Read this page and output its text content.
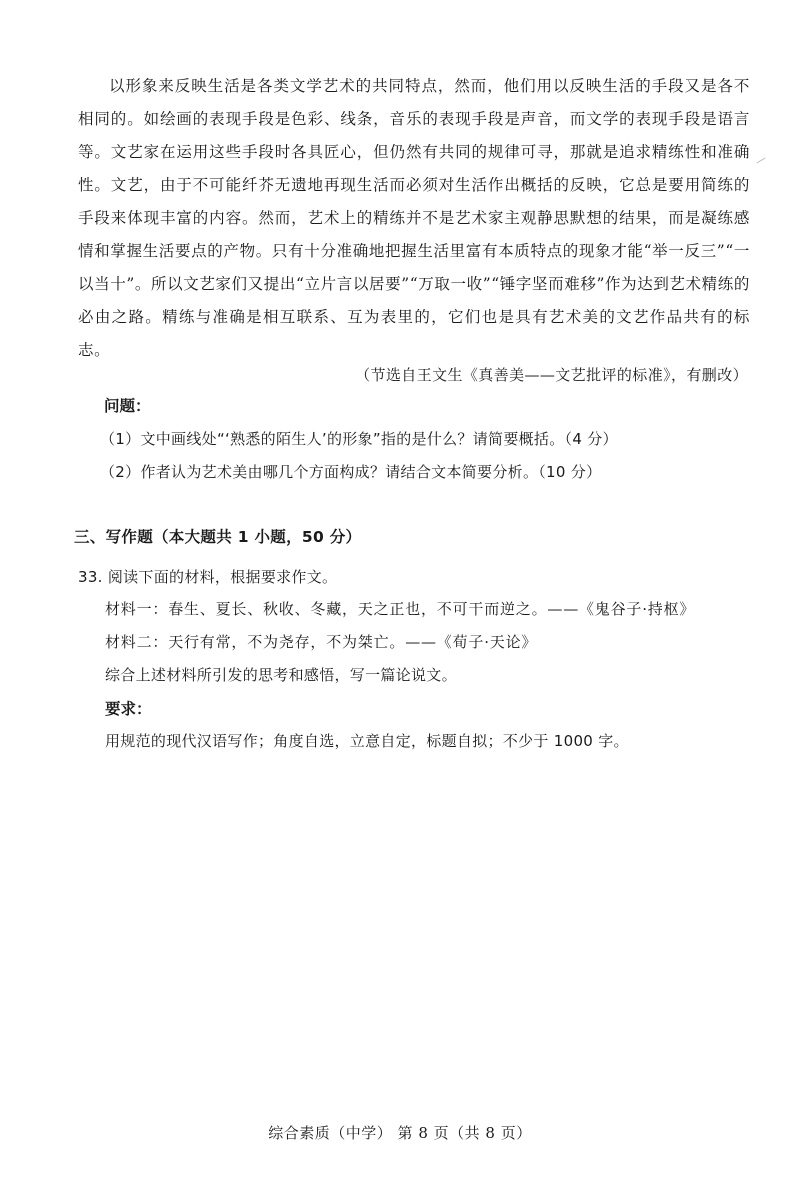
以形象来反映生活是各类文学艺术的共同特点，然而，他们用以反映生活的手段又是各不相同的。如绘画的表现手段是色彩、线条，音乐的表现手段是声音，而文学的表现手段是语言等。文艺家在运用这些手段时各具匠心，但仍然有共同的规律可寻，那就是追求精练性和准确性。文艺，由于不可能纤芥无遗地再现生活而必须对生活作出概括的反映，它总是要用简练的手段来体现丰富的内容。然而，艺术上的精练并不是艺术家主观静思默想的结果，而是凝练感情和掌握生活要点的产物。只有十分准确地把握生活里富有本质特点的现象才能“举一反三”“一以当十”。所以文艺家们又提出“立片言以居要”“万取一收”“锤字坚而难移”作为达到艺术精练的必由之路。精练与准确是相互联系、互为表里的，它们也是具有艺术美的文艺作品共有的标志。

（节选自王文生《真善美——文艺批评的标准》，有删改）

问题：

（1）文中画线处“‘熟悉的陌生人’的形象”指的是什么？请简要概括。（4 分）

（2）作者认为艺术美由哪几个方面构成？请结合文本简要分析。（10 分）

三、写作题（本大题共 1 小题，50 分）

33. 阅读下面的材料，根据要求作文。

材料一：春生、夏长、秋收、冬藏，天之正也，不可干而逆之。——《鬼谷子·持枢》

材料二：天行有常，不为尧存，不为桀亡。——《荀子·天论》

综合上述材料所引发的思考和感悟，写一篇论说文。

要求：

用规范的现代汉语写作；角度自选，立意自定，标题自拟；不少于 1000 字。

综合素质（中学） 第 8 页（共 8 页）
